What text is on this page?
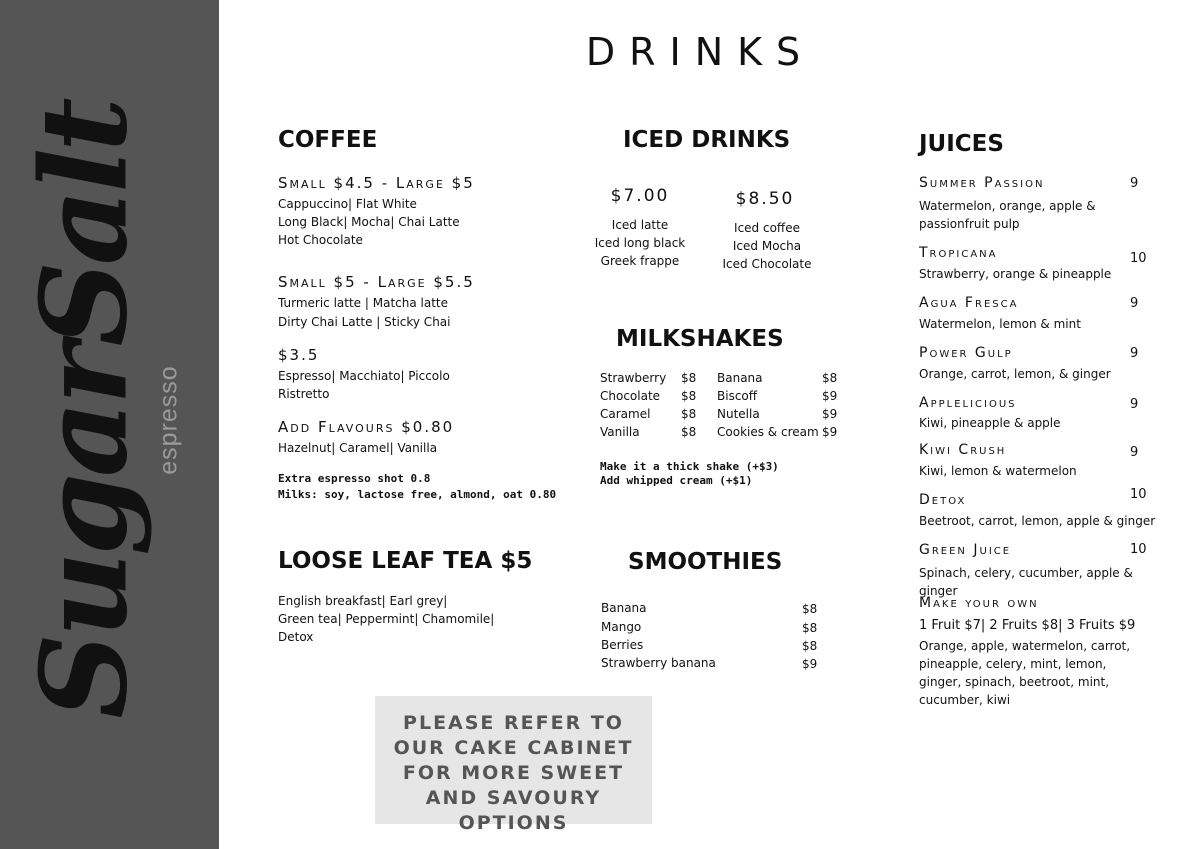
SugarSalt espresso
DRINKS
COFFEE
Small $4.5 - Large $5
Cappuccino| Flat White
Long Black| Mocha| Chai Latte
Hot Chocolate
Small $5 - Large $5.5
Turmeric latte | Matcha latte
Dirty Chai Latte | Sticky Chai
$3.5
Espresso| Macchiato| Piccolo
Ristretto
Add Flavours $0.80
Hazelnut| Caramel| Vanilla
Extra espresso shot 0.8
Milks: soy, lactose free, almond, oat 0.80
LOOSE LEAF TEA $5
English breakfast| Earl grey|
Green tea| Peppermint| Chamomile|
Detox
ICED DRINKS
$7.00
Iced latte
Iced long black
Greek frappe
$8.50
Iced coffee
Iced Mocha
Iced Chocolate
MILKSHAKES
Strawberry $8
Chocolate $8
Caramel	$8
Vanilla	$8
Banana	$8
Biscoff	$9
Nutella	$9
Cookies & cream $9
Make it a thick shake (+$3)
Add whipped cream (+$1)
SMOOTHIES
Banana	$8
Mango	$8
Berries	$8
Strawberry banana	$9
JUICES
Summer Passion	9
Watermelon, orange, apple & passionfruit pulp
Tropicana	10
Strawberry, orange & pineapple
Agua Fresca	9
Watermelon, lemon & mint
Power Gulp	9
Orange, carrot, lemon, & ginger
Applelicious	9
Kiwi, pineapple & apple
Kiwi Crush	9
Kiwi, lemon & watermelon
Detox	10
Beetroot, carrot, lemon, apple & ginger
Green Juice	10
Spinach, celery, cucumber, apple & ginger
Make your own
1 Fruit $7| 2 Fruits $8| 3 Fruits $9
Orange, apple, watermelon, carrot, pineapple, celery, mint, lemon, ginger, spinach, beetroot, mint, cucumber, kiwi
PLEASE REFER TO OUR CAKE CABINET FOR MORE SWEET AND SAVOURY OPTIONS
